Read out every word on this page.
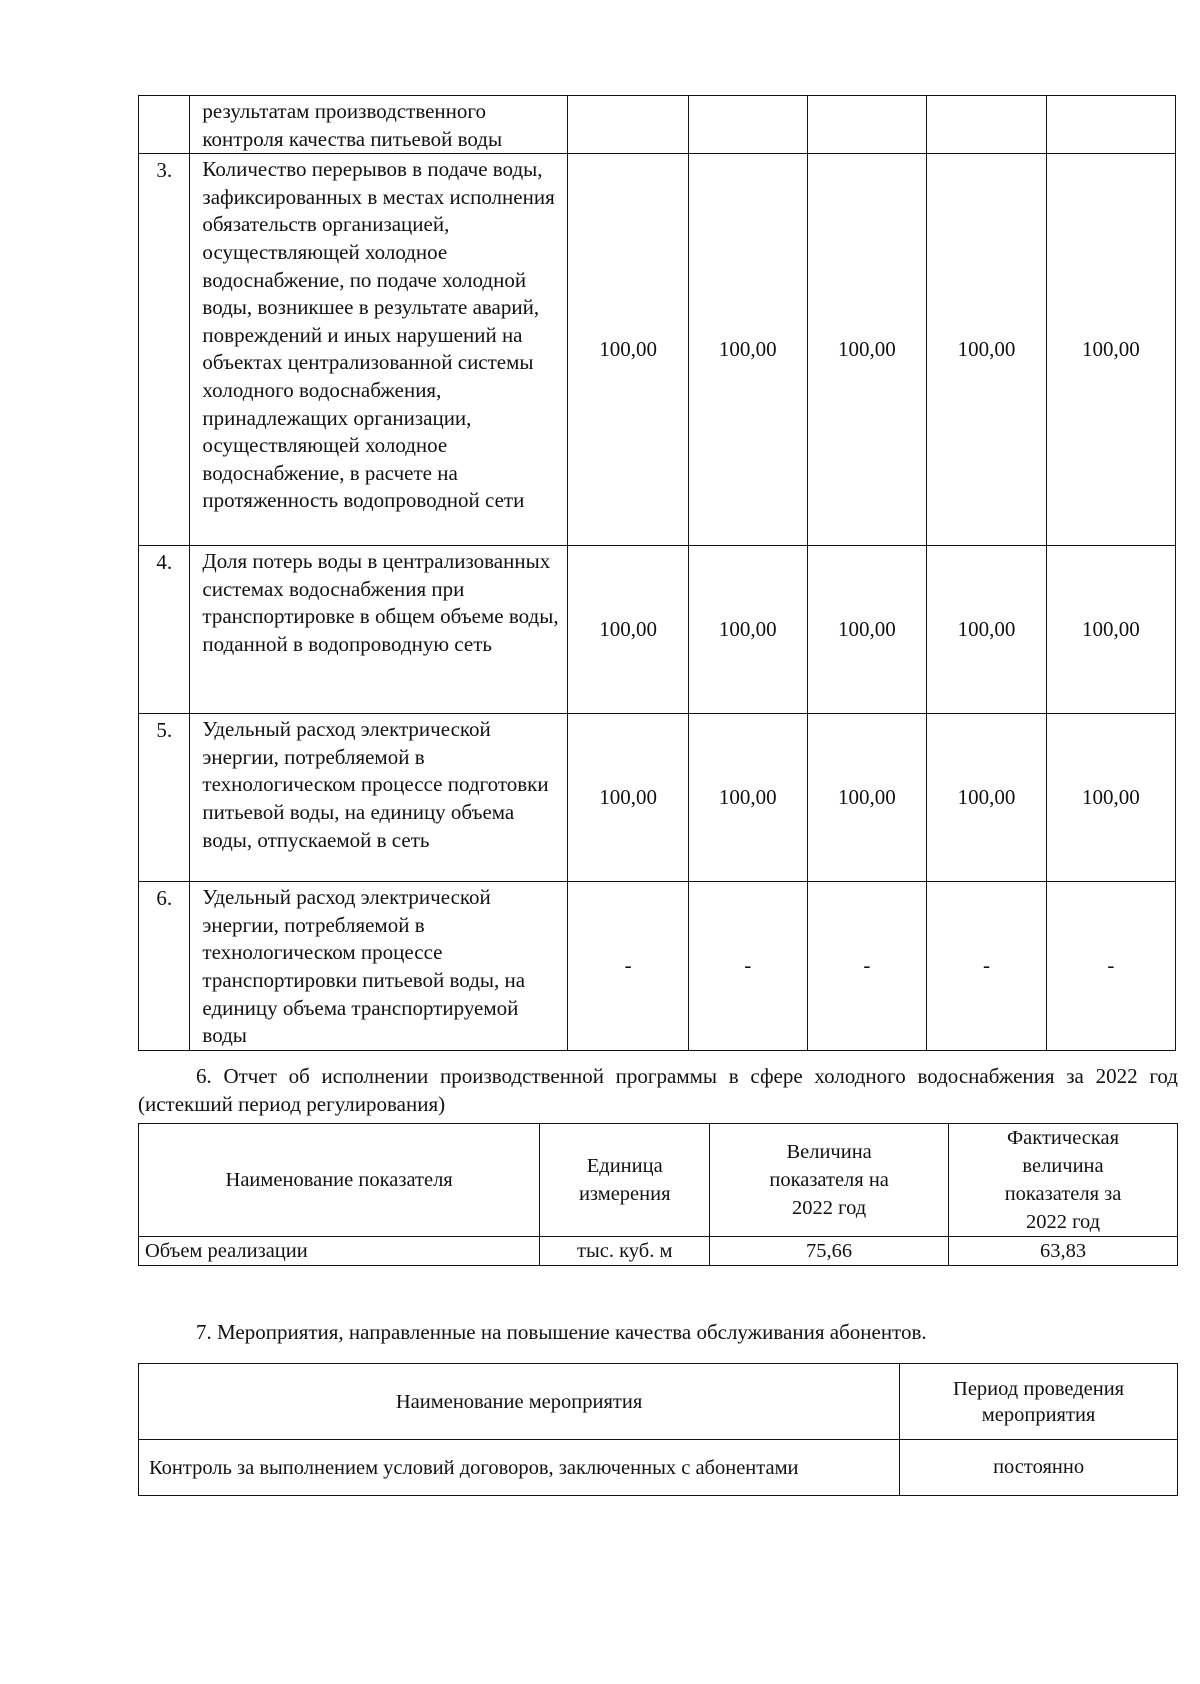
	результатам производственного контроля качества питьевой воды					
3.	Количество перерывов в подаче воды, зафиксированных в местах исполнения обязательств организацией, осуществляющей холодное водоснабжение, по подаче холодной воды, возникшее в результате аварий, повреждений и иных нарушений на объектах централизованной системы холодного водоснабжения, принадлежащих организации, осуществляющей холодное водоснабжение, в расчете на протяженность водопроводной сети	100,00	100,00	100,00	100,00	100,00
4.	Доля потерь воды в централизованных системах водоснабжения при транспортировке в общем объеме воды, поданной в водопроводную сеть	100,00	100,00	100,00	100,00	100,00
5.	Удельный расход электрической энергии, потребляемой в технологическом процессе подготовки питьевой воды, на единицу объема воды, отпускаемой в сеть	100,00	100,00	100,00	100,00	100,00
6.	Удельный расход электрической энергии, потребляемой в технологическом процессе транспортировки питьевой воды, на единицу объема транспортируемой воды	-	-	-	-	-
6. Отчет об исполнении производственной программы в сфере холодного водоснабжения за 2022 год (истекший период регулирования)
Наименование показателя	Единица измерения	Величина показателя на 2022 год	Фактическая величина показателя за 2022 год
Объем реализации	тыс. куб. м	75,66	63,83
7. Мероприятия, направленные на повышение качества обслуживания абонентов.
Наименование мероприятия	Период проведения мероприятия
Контроль за выполнением условий договоров, заключенных с абонентами	постоянно
